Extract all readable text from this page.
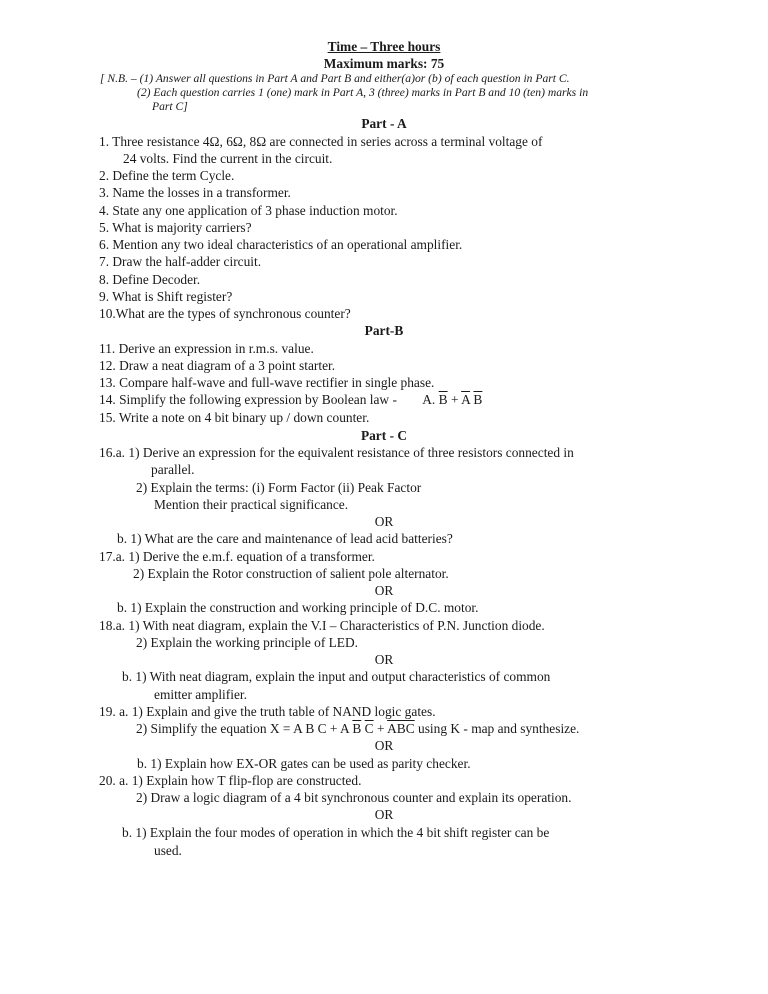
Time – Three hours
Maximum marks: 75
[ N.B. – (1) Answer all questions in Part A and Part B and either(a)or (b) of each question in Part C.
(2) Each question carries 1 (one) mark in Part A, 3 (three) marks in Part B and 10 (ten) marks in
Part C]
Part - A
1. Three resistance 4Ω, 6Ω, 8Ω are connected in series across a terminal voltage of
24 volts. Find the current in the circuit.
2. Define the term Cycle.
3. Name the losses in a transformer.
4. State any one application of 3 phase induction motor.
5. What is majority carriers?
6. Mention any two ideal characteristics of an operational amplifier.
7. Draw the half-adder circuit.
8. Define Decoder.
9. What is Shift register?
10.What are the types of synchronous counter?
Part-B
11. Derive an expression in r.m.s. value.
12. Draw a neat diagram of a 3 point starter.
13. Compare half-wave and full-wave rectifier in single phase.
14. Simplify the following expression by Boolean law - A. $\overline{B} + \overline{A}$ $\overline{B}$
15. Write a note on 4 bit binary up / down counter.
Part - C
16.a. 1) Derive an expression for the equivalent resistance of three resistors connected in
parallel.
2) Explain the terms: (i) Form Factor (ii) Peak Factor
Mention their practical significance.
OR
b. 1) What are the care and maintenance of lead acid batteries?
17.a. 1) Derive the e.m.f. equation of a transformer.
2) Explain the Rotor construction of salient pole alternator.
OR
b. 1) Explain the construction and working principle of D.C. motor.
18.a. 1) With neat diagram, explain the V.I – Characteristics of P.N. Junction diode.
2) Explain the working principle of LED.
OR
b. 1) With neat diagram, explain the input and output characteristics of common
emitter amplifier.
19. a. 1) Explain and give the truth table of NAND logic gates.
2) Simplify the equation X = A B C + A $\overline{B}$ $\overline{C} + \overline{ABC}$ using K - map and synthesize.
OR
b. 1) Explain how EX-OR gates can be used as parity checker.
20. a. 1) Explain how T flip-flop are constructed.
2) Draw a logic diagram of a 4 bit synchronous counter and explain its operation.
OR
b. 1) Explain the four modes of operation in which the 4 bit shift register can be
used.
